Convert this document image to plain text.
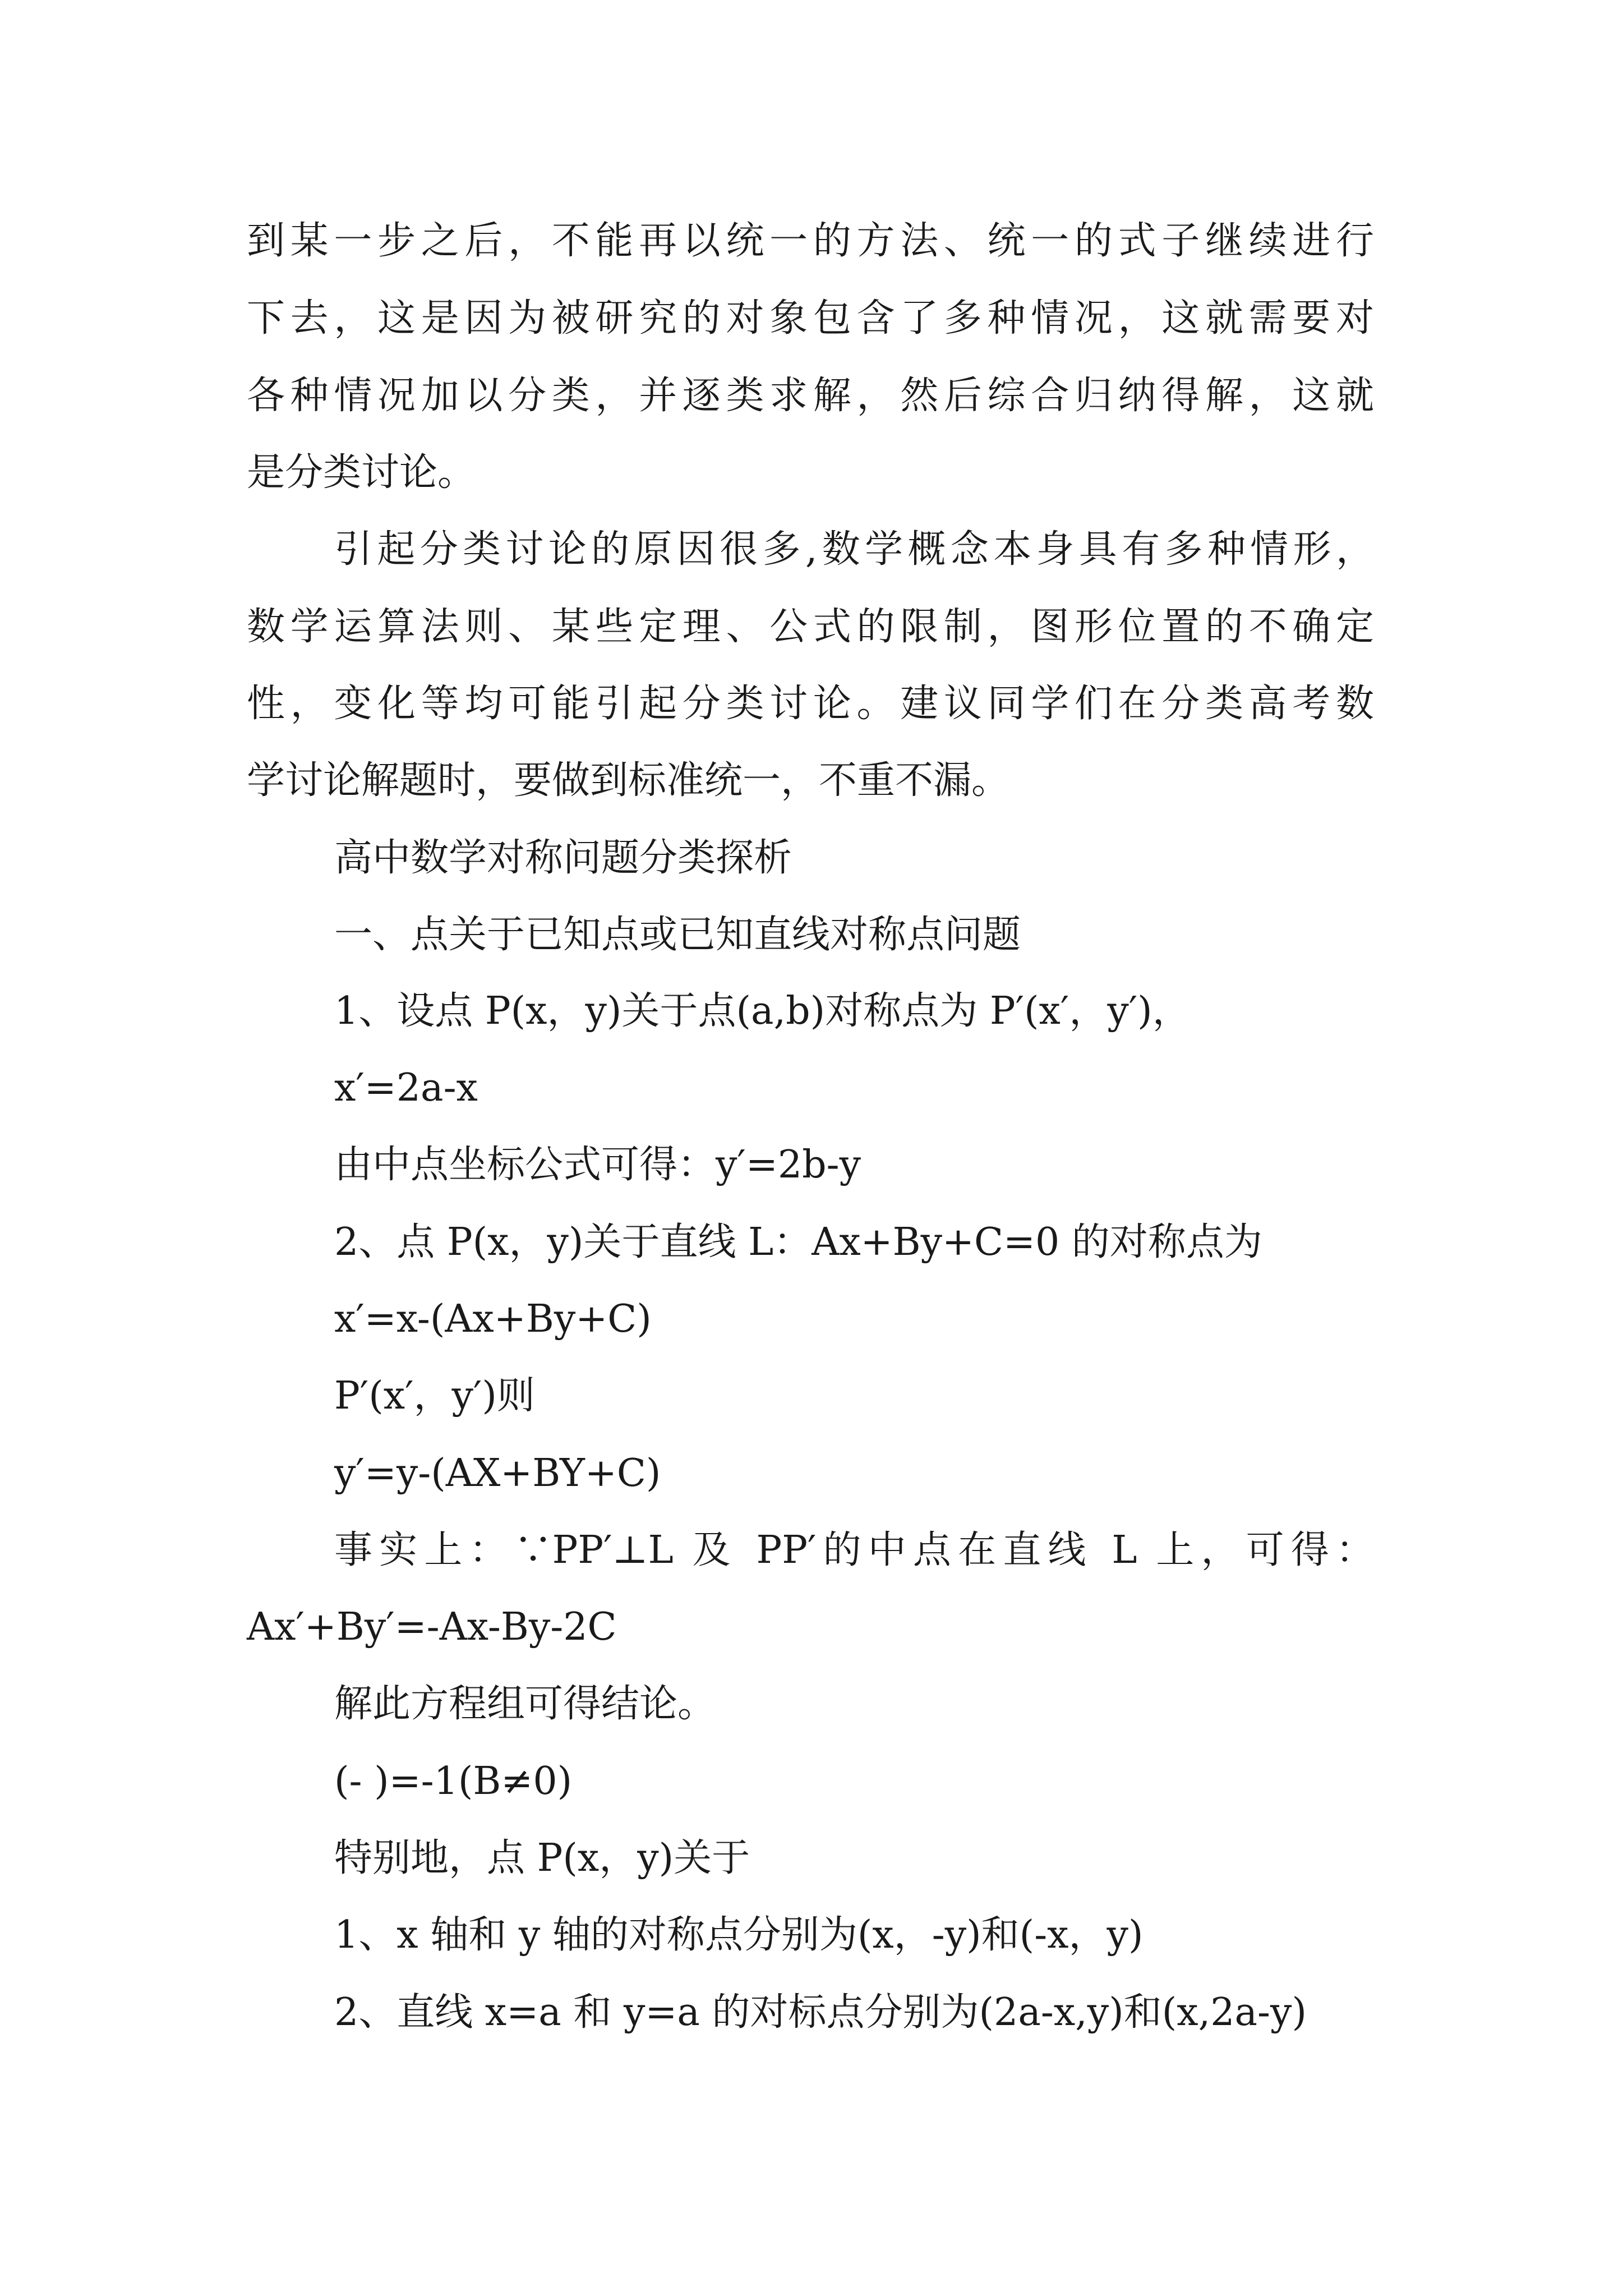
到某一步之后，不能再以统一的方法、统一的式子继续进行
下去，这是因为被研究的对象包含了多种情况，这就需要对
各种情况加以分类，并逐类求解，然后综合归纳得解，这就
是分类讨论。
引起分类讨论的原因很多,数学概念本身具有多种情形，
数学运算法则、某些定理、公式的限制，图形位置的不确定
性，变化等均可能引起分类讨论。建议同学们在分类高考数
学讨论解题时，要做到标准统一，不重不漏。
高中数学对称问题分类探析
一、点关于已知点或已知直线对称点问题
1、设点 P(x，y)关于点(a,b)对称点为 P′(x′，y′)，
x′=2a-x
由中点坐标公式可得：y′=2b-y
2、点 P(x，y)关于直线 L：Ax+By+C=0 的对称点为
x′=x-(Ax+By+C)
P′(x′，y′)则
y′=y-(AX+BY+C)
事实上：∵PP′⊥L 及 PP′的中点在直线 L 上，可得：
Ax′+By′=-Ax-By-2C
解此方程组可得结论。
(- )=-1(B≠0)
特别地，点 P(x，y)关于
1、x 轴和 y 轴的对称点分别为(x，-y)和(-x，y)
2、直线 x=a 和 y=a 的对标点分别为(2a-x,y)和(x,2a-y)
